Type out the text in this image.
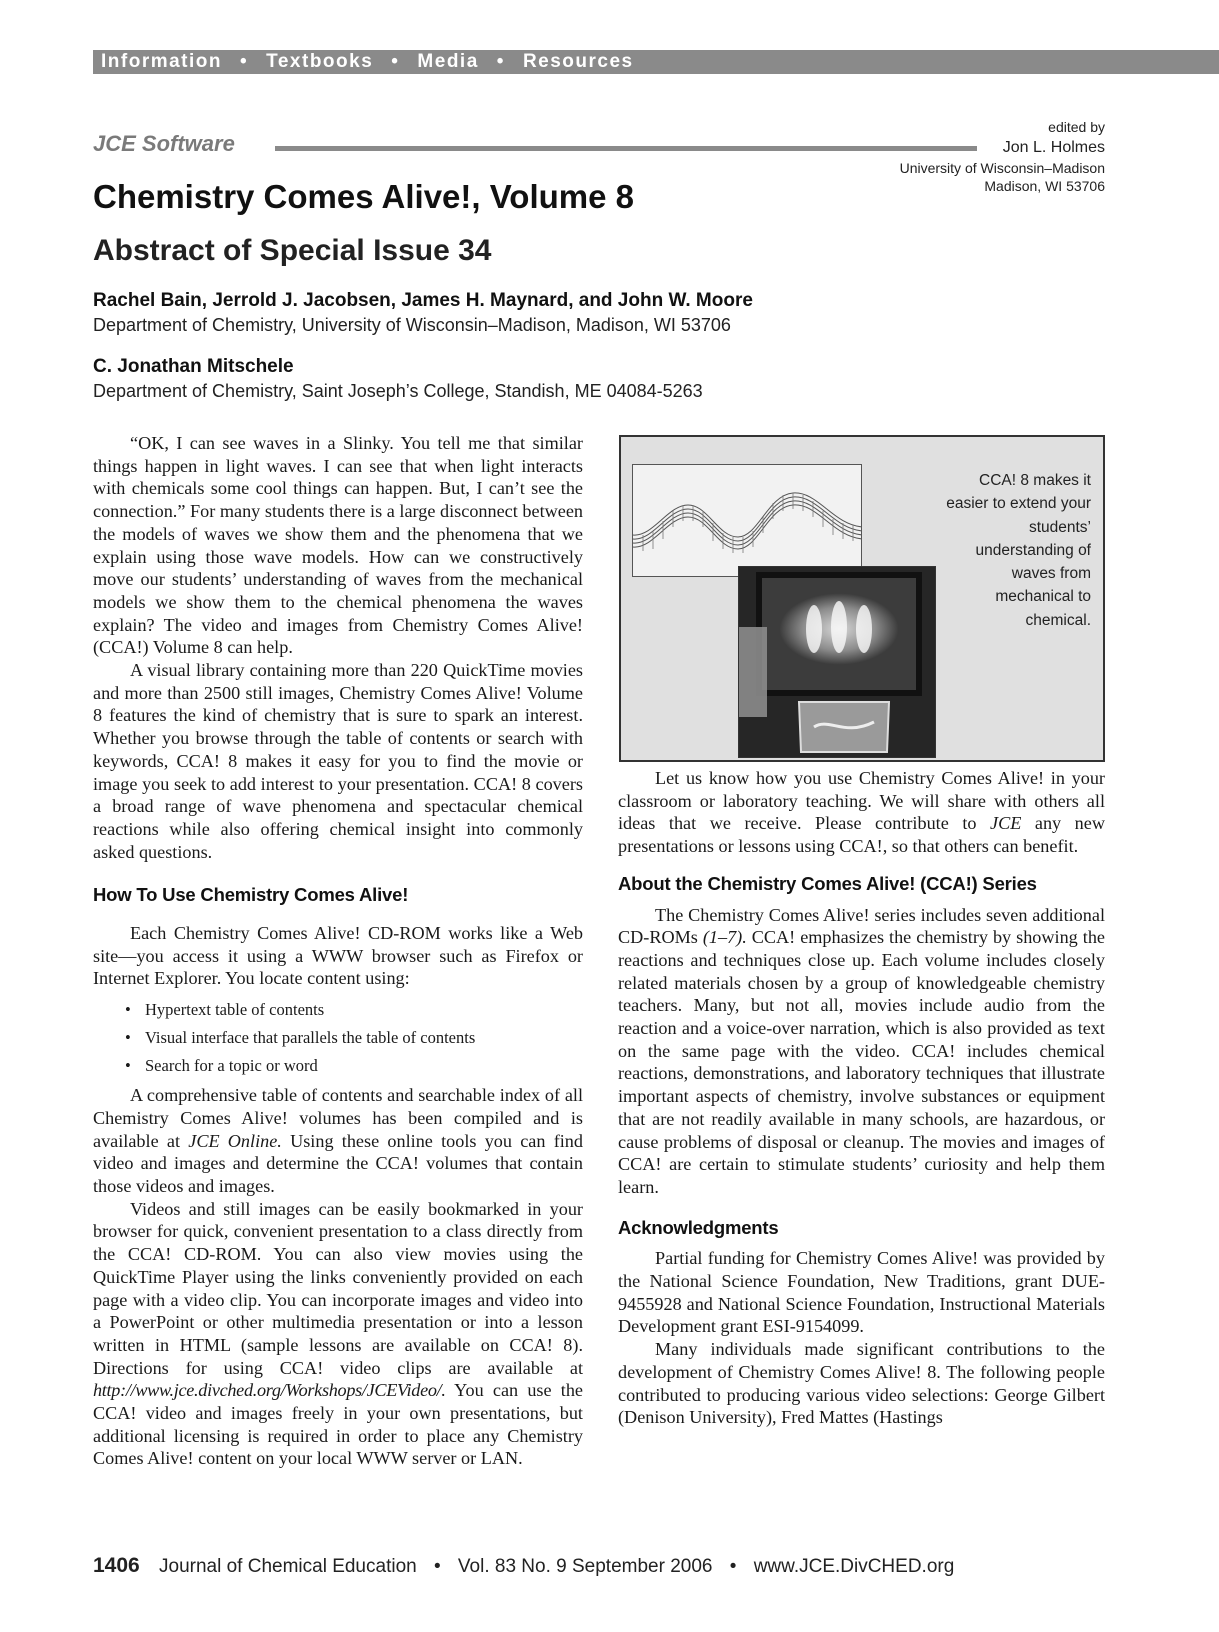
Information • Textbooks • Media • Resources
JCE Software
edited by
Jon L. Holmes
University of Wisconsin–Madison
Madison, WI 53706
Chemistry Comes Alive!, Volume 8
Abstract of Special Issue 34
Rachel Bain, Jerrold J. Jacobsen, James H. Maynard, and John W. Moore
Department of Chemistry, University of Wisconsin–Madison, Madison, WI 53706
C. Jonathan Mitschele
Department of Chemistry, Saint Joseph’s College, Standish, ME 04084-5263

“OK, I can see waves in a Slinky. You tell me that similar things happen in light waves. I can see that when light interacts with chemicals some cool things can happen. But, I can’t see the connection.” For many students there is a large disconnect between the models of waves we show them and the phenomena that we explain using those wave models. How can we constructively move our students’ understanding of waves from the mechanical models we show them to the chemical phenomena the waves explain? The video and images from Chemistry Comes Alive! (CCA!) Volume 8 can help.

A visual library containing more than 220 QuickTime movies and more than 2500 still images, Chemistry Comes Alive! Volume 8 features the kind of chemistry that is sure to spark an interest. Whether you browse through the table of contents or search with keywords, CCA! 8 makes it easy for you to find the movie or image you seek to add interest to your presentation. CCA! 8 covers a broad range of wave phenomena and spectacular chemical reactions while also offering chemical insight into commonly asked questions.

How To Use Chemistry Comes Alive!

Each Chemistry Comes Alive! CD-ROM works like a Web site—you access it using a WWW browser such as Firefox or Internet Explorer. You locate content using:

• Hypertext table of contents
• Visual interface that parallels the table of contents
• Search for a topic or word

A comprehensive table of contents and searchable index of all Chemistry Comes Alive! volumes has been compiled and is available at JCE Online. Using these online tools you can find video and images and determine the CCA! volumes that contain those videos and images.

Videos and still images can be easily bookmarked in your browser for quick, convenient presentation to a class directly from the CCA! CD-ROM. You can also view movies using the QuickTime Player using the links conveniently provided on each page with a video clip. You can incorporate images and video into a PowerPoint or other multimedia presentation or into a lesson written in HTML (sample lessons are available on CCA! 8). Directions for using CCA! video clips are available at http://www.jce.divched.org/Workshops/JCEVideo/. You can use the CCA! video and images freely in your own presentations, but additional licensing is required in order to place any Chemistry Comes Alive! content on your local WWW server or LAN.

CCA! 8 makes it easier to extend your students’ understanding of waves from mechanical to chemical.

Let us know how you use Chemistry Comes Alive! in your classroom or laboratory teaching. We will share with others all ideas that we receive. Please contribute to JCE any new presentations or lessons using CCA!, so that others can benefit.

About the Chemistry Comes Alive! (CCA!) Series

The Chemistry Comes Alive! series includes seven additional CD-ROMs (1–7). CCA! emphasizes the chemistry by showing the reactions and techniques close up. Each volume includes closely related materials chosen by a group of knowledgeable chemistry teachers. Many, but not all, movies include audio from the reaction and a voice-over narration, which is also provided as text on the same page with the video. CCA! includes chemical reactions, demonstrations, and laboratory techniques that illustrate important aspects of chemistry, involve substances or equipment that are not readily available in many schools, are hazardous, or cause problems of disposal or cleanup. The movies and images of CCA! are certain to stimulate students’ curiosity and help them learn.

Acknowledgments

Partial funding for Chemistry Comes Alive! was provided by the National Science Foundation, New Traditions, grant DUE-9455928 and National Science Foundation, Instructional Materials Development grant ESI-9154099.

Many individuals made significant contributions to the development of Chemistry Comes Alive! 8. The following people contributed to producing various video selections: George Gilbert (Denison University), Fred Mattes (Hastings

1406 Journal of Chemical Education • Vol. 83 No. 9 September 2006 • www.JCE.DivCHED.org
